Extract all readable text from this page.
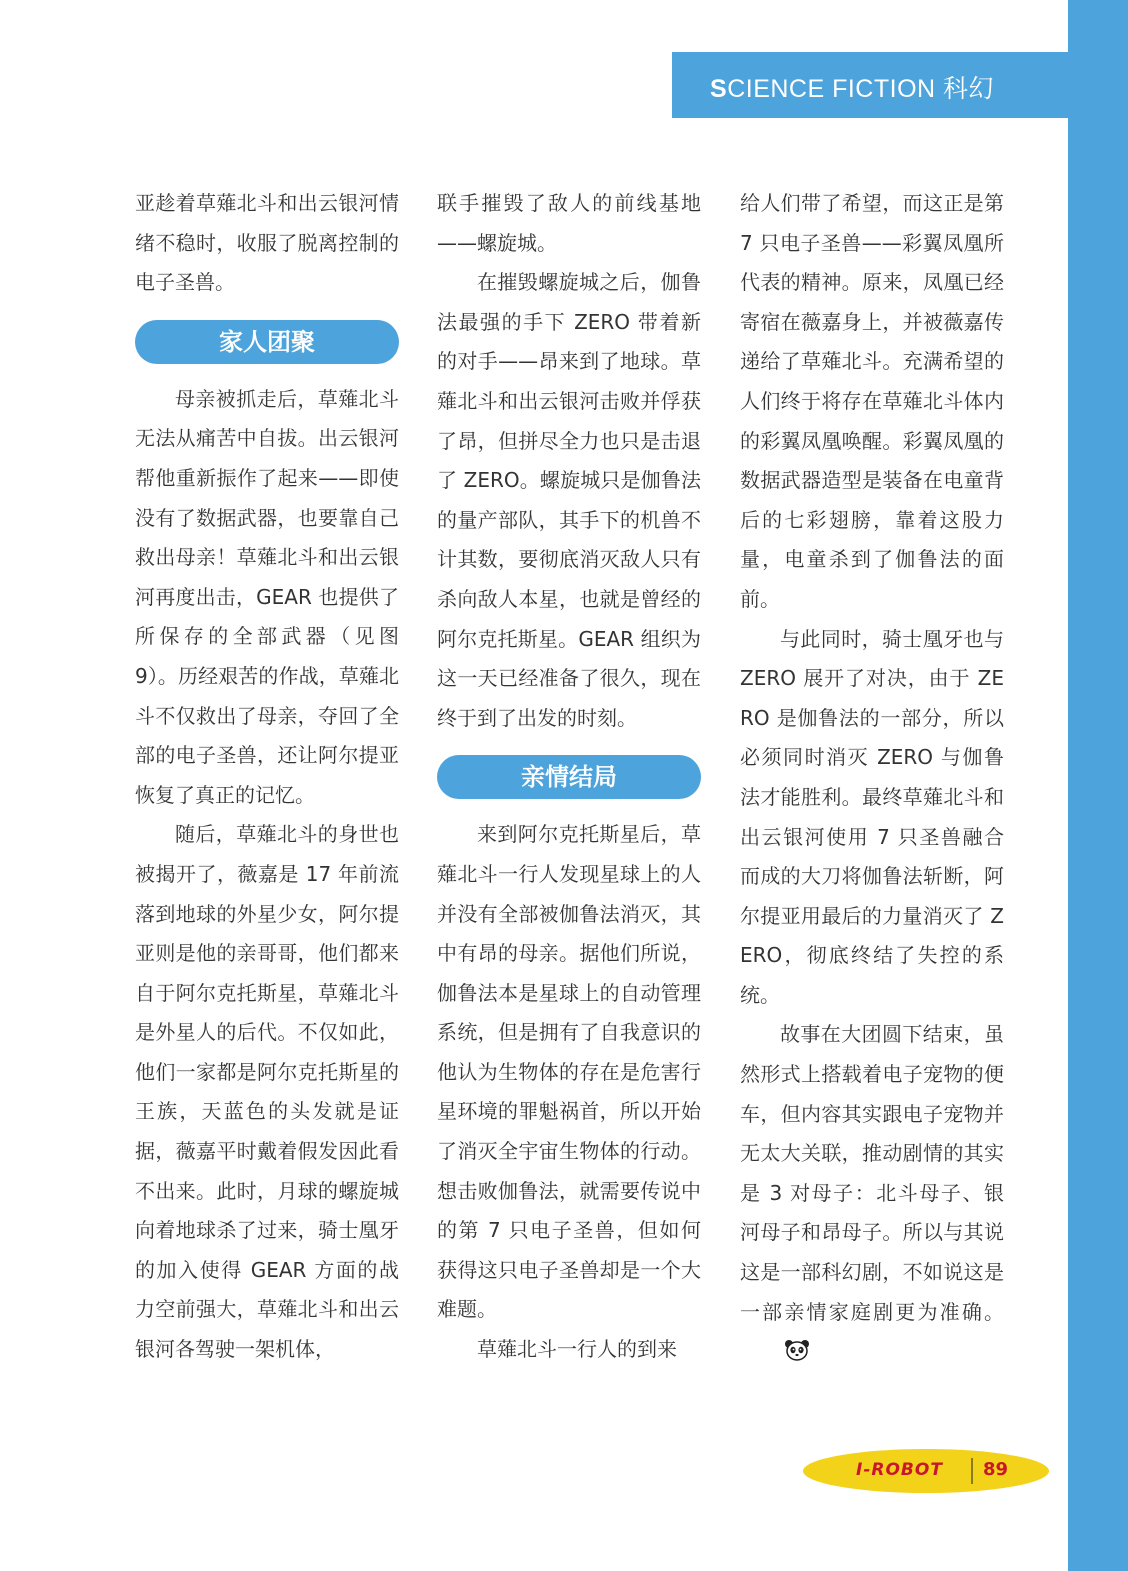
SCIENCE FICTION 科幻

亚趁着草薙北斗和出云银河情绪不稳时，收服了脱离控制的电子圣兽。

家人团聚

母亲被抓走后，草薙北斗无法从痛苦中自拔。出云银河帮他重新振作了起来——即使没有了数据武器，也要靠自己救出母亲！草薙北斗和出云银河再度出击，GEAR 也提供了所保存的全部武器（见图 9）。历经艰苦的作战，草薙北斗不仅救出了母亲，夺回了全部的电子圣兽，还让阿尔提亚恢复了真正的记忆。

随后，草薙北斗的身世也被揭开了，薇嘉是 17 年前流落到地球的外星少女，阿尔提亚则是他的亲哥哥，他们都来自于阿尔克托斯星，草薙北斗是外星人的后代。不仅如此，他们一家都是阿尔克托斯星的王族，天蓝色的头发就是证据，薇嘉平时戴着假发因此看不出来。此时，月球的螺旋城向着地球杀了过来，骑士凰牙的加入使得 GEAR 方面的战力空前强大，草薙北斗和出云银河各驾驶一架机体，

联手摧毁了敌人的前线基地——螺旋城。

在摧毁螺旋城之后，伽鲁法最强的手下 ZERO 带着新的对手——昂来到了地球。草薙北斗和出云银河击败并俘获了昂，但拼尽全力也只是击退了 ZERO。螺旋城只是伽鲁法的量产部队，其手下的机兽不计其数，要彻底消灭敌人只有杀向敌人本星，也就是曾经的阿尔克托斯星。GEAR 组织为这一天已经准备了很久，现在终于到了出发的时刻。

亲情结局

来到阿尔克托斯星后，草薙北斗一行人发现星球上的人并没有全部被伽鲁法消灭，其中有昂的母亲。据他们所说，伽鲁法本是星球上的自动管理系统，但是拥有了自我意识的他认为生物体的存在是危害行星环境的罪魁祸首，所以开始了消灭全宇宙生物体的行动。想击败伽鲁法，就需要传说中的第 7 只电子圣兽，但如何获得这只电子圣兽却是一个大难题。

草薙北斗一行人的到来

给人们带了希望，而这正是第 7 只电子圣兽——彩翼凤凰所代表的精神。原来，凤凰已经寄宿在薇嘉身上，并被薇嘉传递给了草薙北斗。充满希望的人们终于将存在草薙北斗体内的彩翼凤凰唤醒。彩翼凤凰的数据武器造型是装备在电童背后的七彩翅膀，靠着这股力量，电童杀到了伽鲁法的面前。

与此同时，骑士凰牙也与 ZERO 展开了对决，由于 ZERO 是伽鲁法的一部分，所以必须同时消灭 ZERO 与伽鲁法才能胜利。最终草薙北斗和出云银河使用 7 只圣兽融合而成的大刀将伽鲁法斩断，阿尔提亚用最后的力量消灭了 ZERO，彻底终结了失控的系统。

故事在大团圆下结束，虽然形式上搭载着电子宠物的便车，但内容其实跟电子宠物并无太大关联，推动剧情的其实是 3 对母子：北斗母子、银河母子和昂母子。所以与其说这是一部科幻剧，不如说这是一部亲情家庭剧更为准确。

I-ROBOT 89
